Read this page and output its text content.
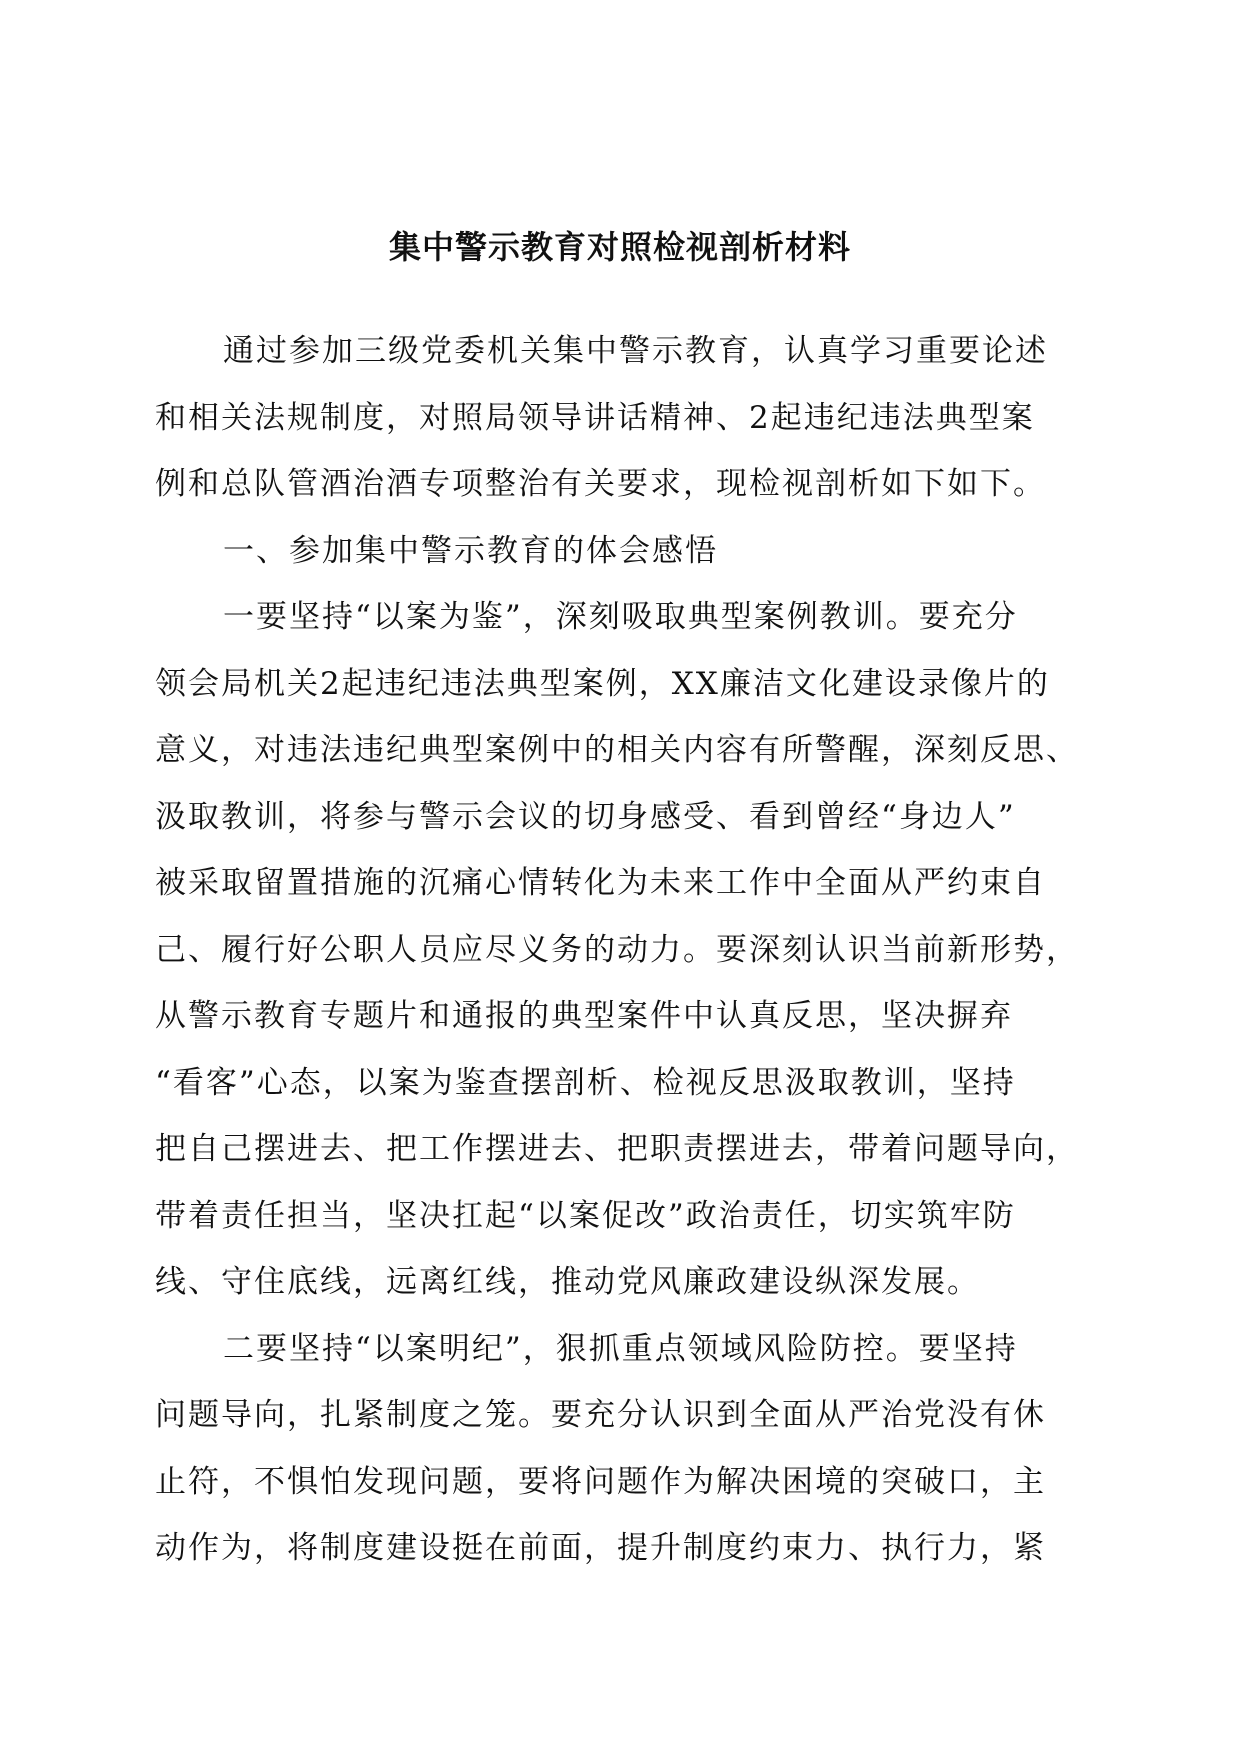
集中警示教育对照检视剖析材料
通过参加三级党委机关集中警示教育，认真学习重要论述
和相关法规制度，对照局领导讲话精神、2起违纪违法典型案
例和总队管酒治酒专项整治有关要求，现检视剖析如下如下。
一、参加集中警示教育的体会感悟
一要坚持“以案为鉴”，深刻吸取典型案例教训。要充分
领会局机关2起违纪违法典型案例，XX廉洁文化建设录像片的
意义，对违法违纪典型案例中的相关内容有所警醒，深刻反思、
汲取教训，将参与警示会议的切身感受、看到曾经“身边人”
被采取留置措施的沉痛心情转化为未来工作中全面从严约束自
己、履行好公职人员应尽义务的动力。要深刻认识当前新形势，
从警示教育专题片和通报的典型案件中认真反思，坚决摒弃
“看客”心态，以案为鉴查摆剖析、检视反思汲取教训，坚持
把自己摆进去、把工作摆进去、把职责摆进去，带着问题导向，
带着责任担当，坚决扛起“以案促改”政治责任，切实筑牢防
线、守住底线，远离红线，推动党风廉政建设纵深发展。
二要坚持“以案明纪”，狠抓重点领域风险防控。要坚持
问题导向，扎紧制度之笼。要充分认识到全面从严治党没有休
止符，不惧怕发现问题，要将问题作为解决困境的突破口，主
动作为，将制度建设挺在前面，提升制度约束力、执行力，紧
